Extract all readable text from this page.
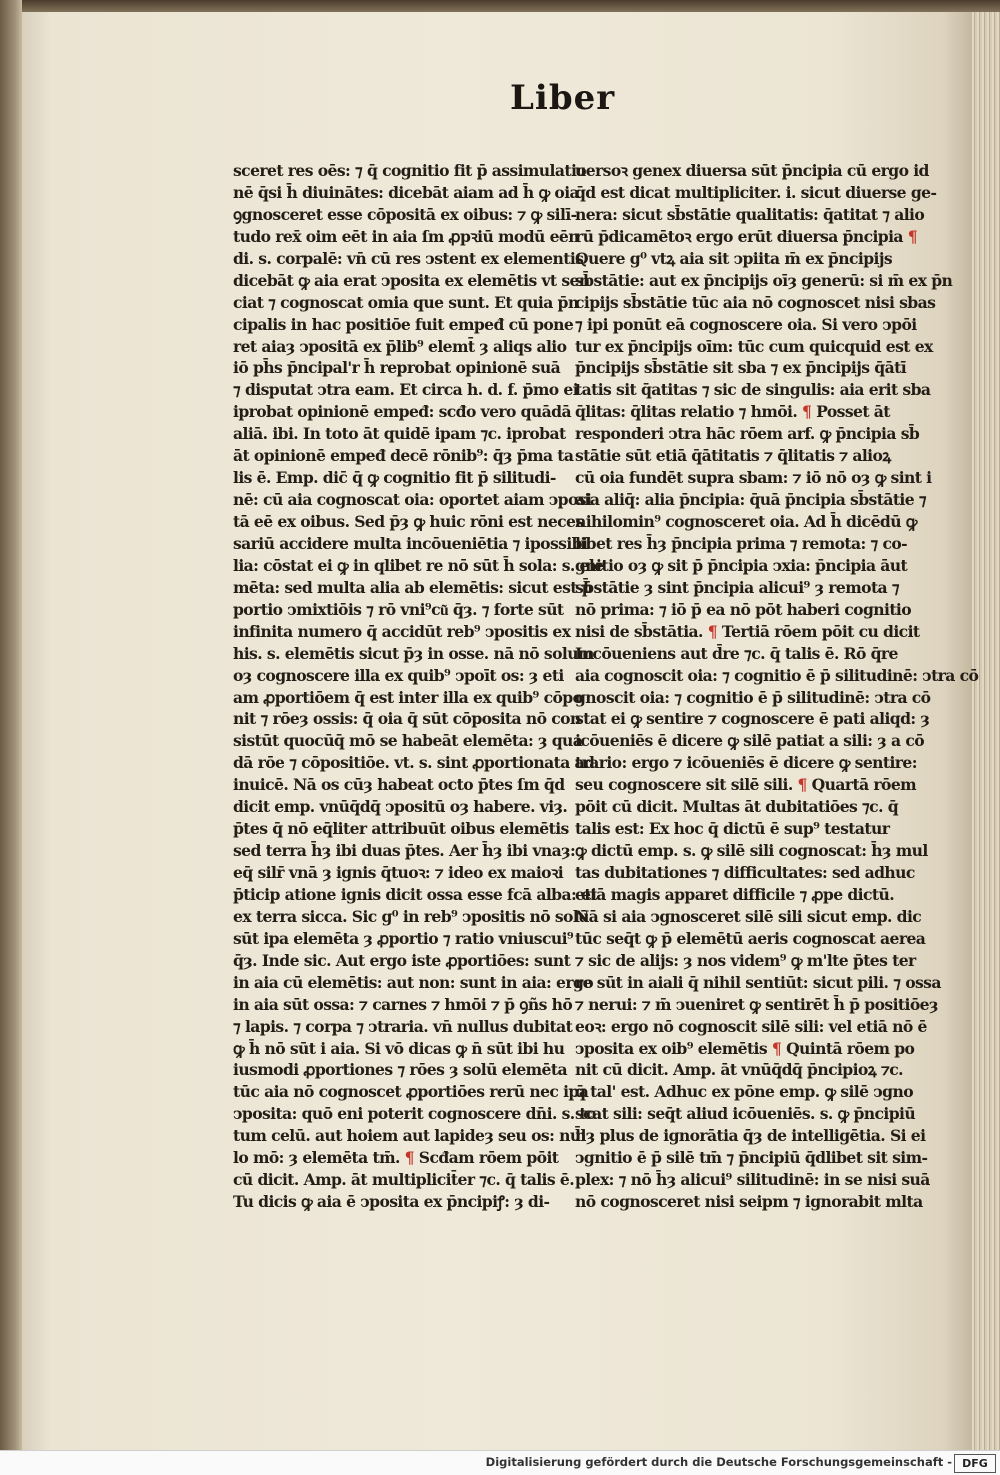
Liber
sceret res oēs: ⁊ q̄ cognitio fit p̄ assimulatio
nē q̄si h̄ diuinātes: dicebāt aiam ad h̄ ꝙ oia
ꝯgnosceret esse cōpositā ex oibus: ⁊ ꝙ silī-
tudo rex̄ oim eēt in aia ſm ꝓpꝛiū modū eēn
di. s. corpalē: vn̄ cū res ↄstent ex elementis
dicebāt ꝙ aia erat ↄposita ex elemētis vt sen
ciat ⁊ cognoscat omia que sunt. Et quia p̄n
cipalis in hac positiōe fuit empeđ cū pone
ret aiaȝ ↄpositā ex p̄lib⁹ elemt̄ ȝ aliqs alio
iō ph̄s p̄ncipal'r h̄ reprobat opinionē suā
⁊ disputat ↄtra eam. Et circa h. d. f. p̄mo ei
iprobat opinionē empeđ: scđo vero quādā
aliā. ibi. In toto āt quidē ipam ⁊c. iprobat
āt opinionē empeđ decē rōnib⁹: q̄ȝ p̄ma ta
lis ē. Emp. dic̄ q̄ ꝙ cognitio fit p̄ silitudi-
nē: cū aia cognoscat oia: oportet aiam ↄposi
tā eē ex oibus. Sed p̄ȝ ꝙ huic rōni est neces
sariū accidere multa incōueniētia ⁊ ipossibi
lia: cōstat ei ꝙ in qlibet re nō sūt h̄ sola: s. ele
mēta: sed multa alia ab elemētis: sicut est p̄
portio ↄmixtiōis ⁊ rō vni⁹cu͂ q̄ȝ. ⁊ forte sūt
infinita numero q̄ accidūt reb⁹ ↄpositis ex
his. s. elemētis sicut p̄ȝ in osse. nā nō solum
oȝ cognoscere illa ex quib⁹ ↄpoīt os: ȝ eti
am ꝓportiōem q̄ est inter illa ex quib⁹ cōpo
nit ⁊ rōeȝ ossis: q̄ oia q̄ sūt cōposita nō con
sistūt quocūq̄ mō se habeāt elemēta: ȝ qua
dā rōe ⁊ cōpositiōe. vt. s. sint ꝓportionata ad
inuicē. Nā os cūȝ habeat octo p̄tes ſm q̄d
dicit emp. vnūq̄dq̄ ↄpositū oȝ habere. viȝ.
p̄tes q̄ nō eq̄liter attribuūt oibus elemētis
sed terra h̄ȝ ibi duas p̄tes. Aer h̄ȝ ibi vnaȝ:
eq̄ silr̄ vnā ȝ ignis q̄tuoꝛ: ⁊ ideo ex maioꝛi
p̄ticip atione ignis dicit ossa esse fcā alba: et
ex terra sicca. Sic g⁰ in reb⁹ ↄpositis nō solū
sūt ipa elemēta ȝ ꝓportio ⁊ ratio vniuscui⁹
q̄ȝ. Inde sic. Aut ergo iste ꝓportiōes: sunt
in aia cū elemētis: aut non: sunt in aia: ergo
in aia sūt ossa: ⁊ carnes ⁊ hmōi ⁊ p̄ ꝯñs hō
⁊ lapis. ⁊ corpa ⁊ ↄtraria. vn̄ nullus dubitat
ꝙ h̄ nō sūt i aia. Si vō dicas ꝙ n̄ sūt ibi hu
iusmodi ꝓportiones ⁊ rōes ȝ solū elemēta
tūc aia nō cognoscet ꝓportiōes rerū nec ipa
ↄposita: quō eni poterit cognoscere dn̄i. s. to
tum celū. aut hoiem aut lapideȝ seu os: nul
lo mō: ȝ elemēta tm̄. ¶ Scđam rōem pōit
cū dicit. Amp. āt multiplicit̄er ⁊c. q̄ talis ē.
Tu dicis ꝙ aia ē ↄposita ex p̄ncipiꝭ: ȝ di-
uersoꝛ genex diuersa sūt p̄ncipia cū ergo id
q̄d est dicat multipliciter. i. sicut diuerse ge-
nera: sicut sb̄stātie qualitatis: q̄atitat ⁊ alio
rū p̄dicamētoꝛ ergo erūt diuersa p̄ncipia ¶
Quere g⁰ vtꝝ aia sit ↄpiita m̄ ex p̄ncipijs
sb̄stātie: aut ex p̄ncipijs oīȝ generū: si m̄ ex p̄n
cipijs sb̄stātie tūc aia nō cognoscet nisi sbas
⁊ ipi ponūt eā cognoscere oia. Si vero ↄpōi
tur ex p̄ncipijs oīm: tūc cum quicquid est ex
p̄ncipijs sb̄stātie sit sba ⁊ ex p̄ncipijs q̄ātī
tatis sit q̄atitas ⁊ sic de singulis: aia erit sba
q̄litas: q̄litas relatio ⁊ hmōi. ¶ Posset āt
responderi ↄtra hāc rōem arf. ꝙ p̄ncipia sb̄
stātie sūt etiā q̄ātitatis ⁊ q̄litatis ⁊ alioꝝ
cū oia fundēt supra sbam: ⁊ iō nō oȝ ꝙ sint i
aia aliq̄: alia p̄ncipia: q̄uā p̄ncipia sb̄stātie ⁊
nihilomin⁹ cognosceret oia. Ad h̄ dicēdū ꝙ
libet res h̄ȝ p̄ncipia prima ⁊ remota: ⁊ co-
gnitio oȝ ꝙ sit p̄ p̄ncipia ↄxia: p̄ncipia āut
sb̄stātie ȝ sint p̄ncipia alicui⁹ ȝ remota ⁊
nō prima: ⁊ iō p̄ ea nō pōt haberi cognitio
nisi de sb̄stātia. ¶ Tertiā rōem pōit cu dicit
Incōueniens aut d̄re ⁊c. q̄ talis ē. Rō q̄re
aia cognoscit oia: ⁊ cognitio ē p̄ silitudinē: ↄtra cō
gnoscit oia: ⁊ cognitio ē p̄ silitudinē: ↄtra cō
stat ei ꝙ sentire ⁊ cognoscere ē pati aliqd: ȝ
icōueniēs ē dicere ꝙ silē patiat a sili: ȝ a cō
trario: ergo ⁊ icōueniēs ē dicere ꝙ sentire:
seu cognoscere sit silē sili. ¶ Quartā rōem
pōit cū dicit. Multas āt dubitatiōes ⁊c. q̄
talis est: Ex hoc q̄ dictū ē sup⁹ testatur
ꝙ dictū emp. s. ꝙ silē sili cognoscat: h̄ȝ mul
tas dubitationes ⁊ difficultates: sed adhuc
etiā magis apparet difficile ⁊ ꝓpe dictū.
Nā si aia ↄgnosceret silē sili sicut emp. dic
tūc seq̄t ꝙ p̄ elemētū aeris cognoscat aerea
⁊ sic de alijs: ȝ nos videm⁹ ꝙ m'lte p̄tes ter
re sūt in aiali q̄ nihil sentiūt: sicut pili. ⁊ ossa
⁊ nerui: ⁊ m̄ ↄueniret ꝙ sentirēt h̄ p̄ positiōeȝ
eoꝛ: ergo nō cognoscit silē sili: vel etiā nō ē
ↄposita ex oib⁹ elemētis ¶ Quintā rōem po
nit cū dicit. Amp. āt vnūq̄dq̄ p̄ncipioꝝ ⁊c.
q̄ tal' est. Adhuc ex pōne emp. ꝙ silē ↄgno
scat sili: seq̄t aliud icōueniēs. s. ꝙ p̄ncipiū
h̄ȝ plus de ignorātia q̄ȝ de intelligētia. Si ei
ↄgnitio ē p̄ silē tm̄ ⁊ p̄ncipiū q̄dlibet sit sim-
plex: ⁊ nō h̄ȝ alicui⁹ silitudinē: in se nisi suā
nō cognosceret nisi seipm ⁊ ignorabit mlta
Digitalisierung gefördert durch die Deutsche Forschungsgemeinschaft - DFG
